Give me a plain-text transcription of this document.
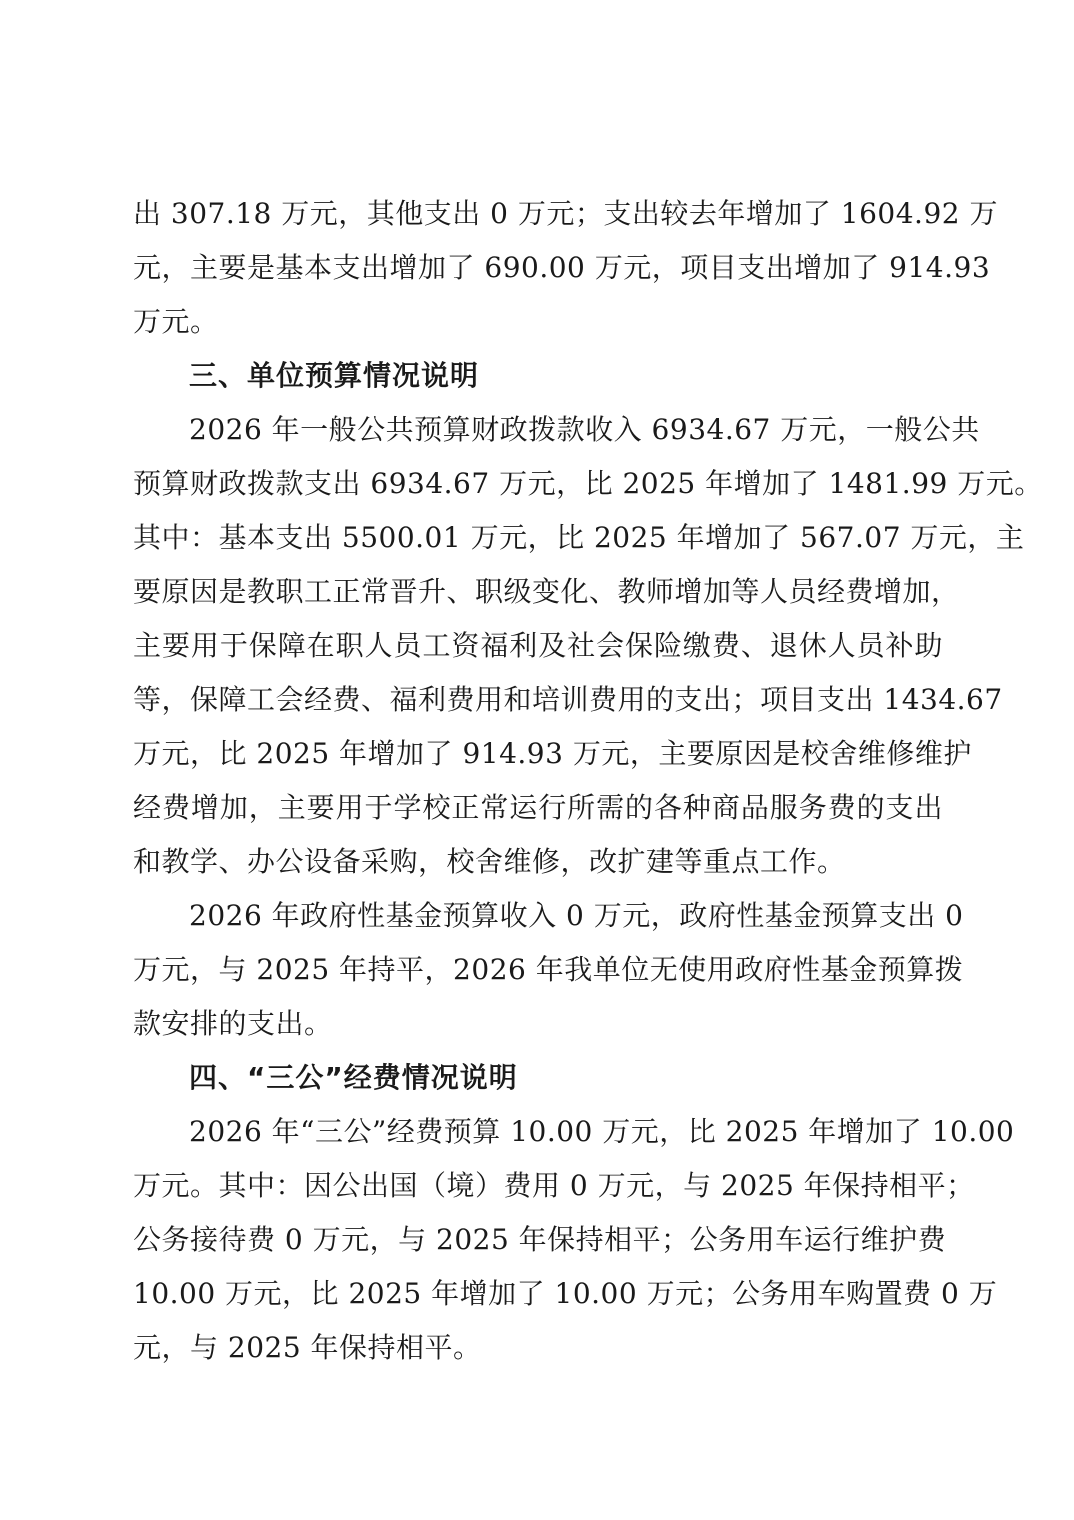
出 307.18 万元，其他支出 0 万元；支出较去年增加了 1604.92 万
元，主要是基本支出增加了 690.00 万元，项目支出增加了 914.93
万元。
三、单位预算情况说明
2026 年一般公共预算财政拨款收入 6934.67 万元，一般公共
预算财政拨款支出 6934.67 万元，比 2025 年增加了 1481.99 万元。
其中：基本支出 5500.01 万元，比 2025 年增加了 567.07 万元，主
要原因是教职工正常晋升、职级变化、教师增加等人员经费增加，
主要用于保障在职人员工资福利及社会保险缴费、退休人员补助
等，保障工会经费、福利费用和培训费用的支出；项目支出 1434.67
万元，比 2025 年增加了 914.93 万元，主要原因是校舍维修维护
经费增加，主要用于学校正常运行所需的各种商品服务费的支出
和教学、办公设备采购，校舍维修，改扩建等重点工作。
2026 年政府性基金预算收入 0 万元，政府性基金预算支出 0
万元，与 2025 年持平，2026 年我单位无使用政府性基金预算拨
款安排的支出。
四、“三公”经费情况说明
2026 年“三公”经费预算 10.00 万元，比 2025 年增加了 10.00
万元。其中：因公出国（境）费用 0 万元，与 2025 年保持相平；
公务接待费 0 万元，与 2025 年保持相平；公务用车运行维护费
10.00 万元，比 2025 年增加了 10.00 万元；公务用车购置费 0 万
元，与 2025 年保持相平。
